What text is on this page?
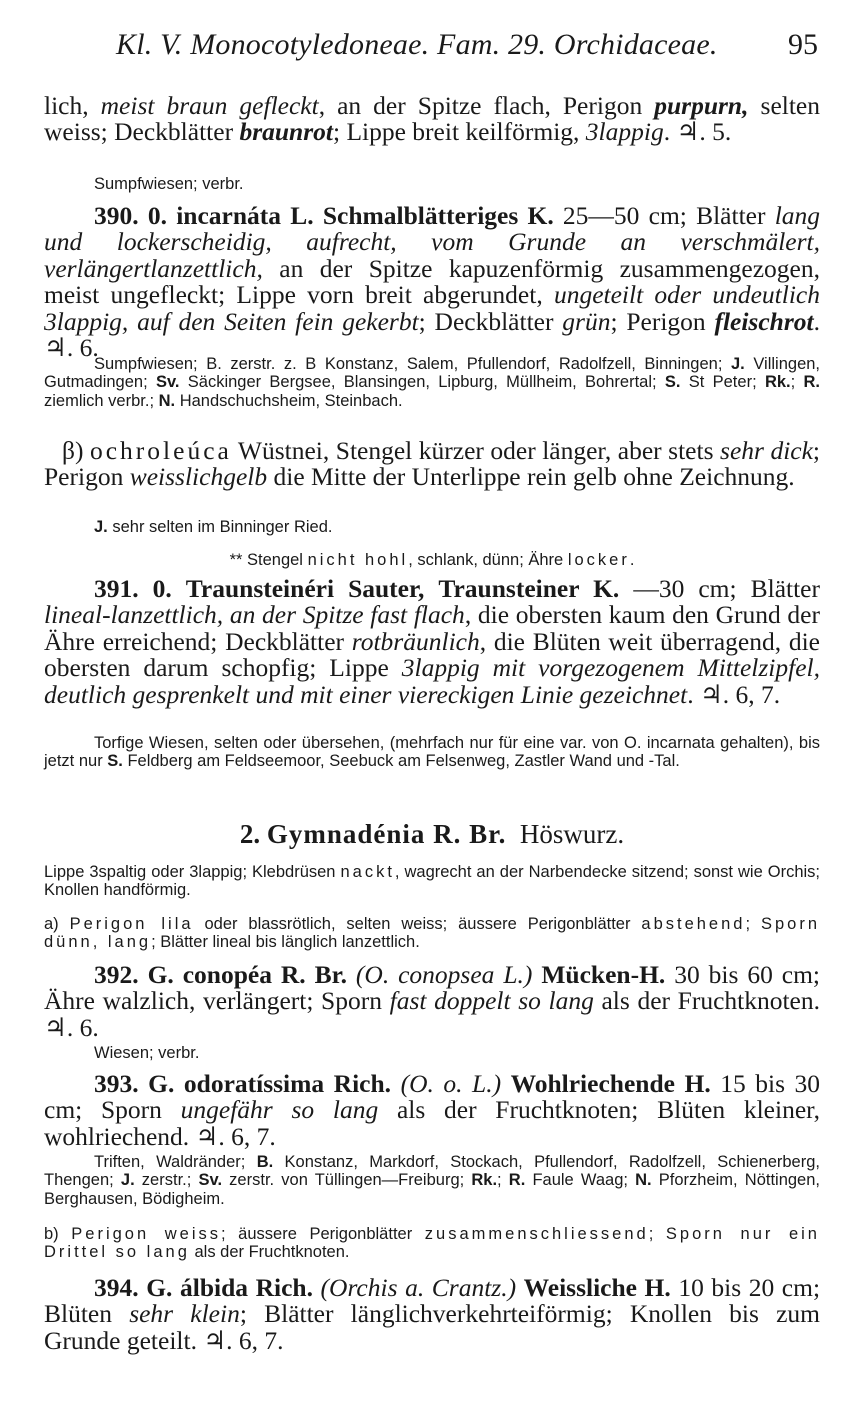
Kl. V. Monocotyledoneae. Fam. 29. Orchidaceae. 95
lich, meist braun gefleckt, an der Spitze flach, Perigon purpurn, selten weiss; Deckblätter braunrot; Lippe breit keilförmig, 3lappig. ♃. 5.
Sumpfwiesen; verbr.
390. 0. incarnáta L. Schmalblätteriges K. 25—50 cm; Blätter lang und lockerscheidig, aufrecht, vom Grunde an verschmälert, verlängertlanzettlich, an der Spitze kapuzenförmig zusammengezogen, meist ungefleckt; Lippe vorn breit abgerundet, ungeteilt oder undeutlich 3lappig, auf den Seiten fein gekerbt; Deckblätter grün; Perigon fleischrot. ♃. 6.
Sumpfwiesen; B. zerstr. z. B Konstanz, Salem, Pfullendorf, Radolfzell, Binningen; J. Villingen, Gutmadingen; Sv. Säckinger Bergsee, Blansingen, Lipburg, Müllheim, Bohrertal; S. St Peter; Rk.; R. ziemlich verbr.; N. Handschuchsheim, Steinbach.
β) ochroleúca Wüstnei, Stengel kürzer oder länger, aber stets sehr dick; Perigon weisslichgelb die Mitte der Unterlippe rein gelb ohne Zeichnung.
J. sehr selten im Binninger Ried.
** Stengel nicht hohl, schlank, dünn; Ähre locker.
391. 0. Traunsteinéri Sauter, Traunsteiner K. —30 cm; Blätter lineal-lanzettlich, an der Spitze fast flach, die obersten kaum den Grund der Ähre erreichend; Deckblätter rotbräunlich, die Blüten weit überragend, die obersten darum schopfig; Lippe 3lappig mit vorgezogenem Mittelzipfel, deutlich gesprenkelt und mit einer viereckigen Linie gezeichnet. ♃. 6, 7.
Torfige Wiesen, selten oder übersehen, (mehrfach nur für eine var. von O. incarnata gehalten), bis jetzt nur S. Feldberg am Feldseemoor, Seebuck am Felsenweg, Zastler Wand und -Tal.
2. Gymnadénia R. Br. Höswurz.
Lippe 3spaltig oder 3lappig; Klebdrüsen nackt, wagrecht an der Narbendecke sitzend; sonst wie Orchis; Knollen handförmig.
a) Perigon lila oder blassrötlich, selten weiss; äussere Perigonblätter abstehend; Sporn dünn, lang; Blätter lineal bis länglich lanzettlich.
392. G. conopéa R. Br. (O. conopsea L.) Mücken-H. 30 bis 60 cm; Ähre walzlich, verlängert; Sporn fast doppelt so lang als der Fruchtknoten. ♃. 6.
Wiesen; verbr.
393. G. odoratíssima Rich. (O. o. L.) Wohlriechende H. 15 bis 30 cm; Sporn ungefähr so lang als der Fruchtknoten; Blüten kleiner, wohlriechend. ♃. 6, 7.
Triften, Waldränder; B. Konstanz, Markdorf, Stockach, Pfullendorf, Radolfzell, Schienerberg, Thengen; J. zerstr.; Sv. zerstr. von Tüllingen—Freiburg; Rk.; R. Faule Waag; N. Pforzheim, Nöttingen, Berghausen, Bödigheim.
b) Perigon weiss; äussere Perigonblätter zusammenschliessend; Sporn nur ein Drittel so lang als der Fruchtknoten.
394. G. álbida Rich. (Orchis a. Crantz.) Weissliche H. 10 bis 20 cm; Blüten sehr klein; Blätter länglichverkehrteiförmig; Knollen bis zum Grunde geteilt. ♃. 6, 7.
